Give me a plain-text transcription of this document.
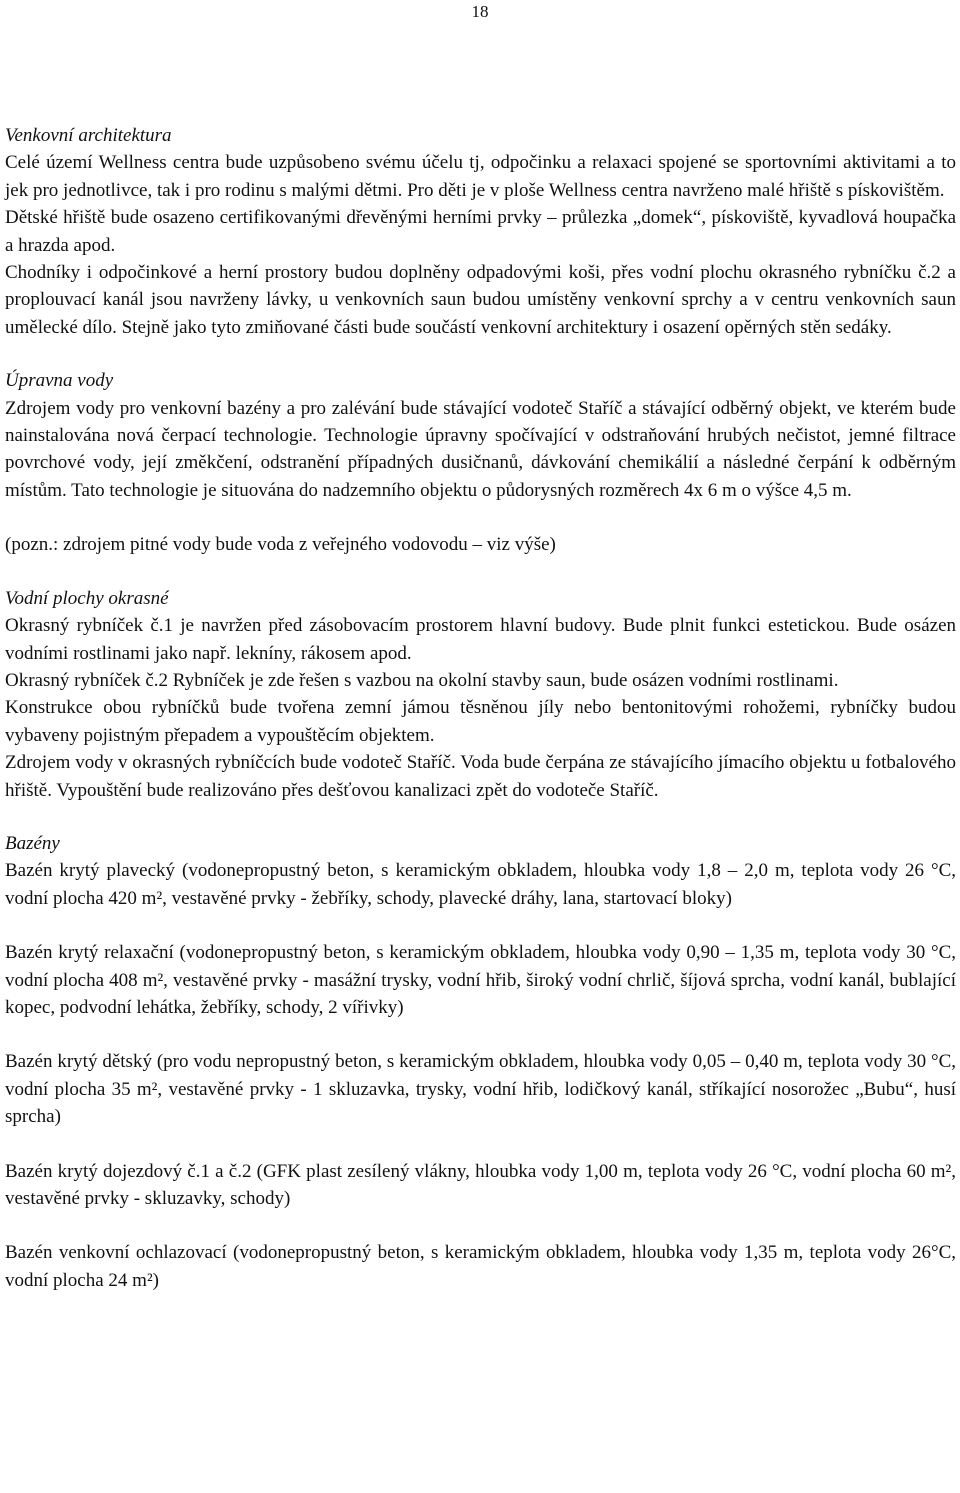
18
Venkovní architektura

Celé území Wellness centra bude uzpůsobeno svému účelu tj, odpočinku a relaxaci spojené se sportovními aktivitami a to jek pro jednotlivce, tak i pro rodinu s malými dětmi. Pro děti je v ploše Wellness centra navrženo malé hřiště s pískovištěm.

Dětské hřiště bude osazeno certifikovanými dřevěnými herními prvky – průlezka „domek“, pískoviště, kyvadlová houpačka a hrazda apod.

Chodníky i odpočinkové a herní prostory budou doplněny odpadovými koši, přes vodní plochu okrasného rybníčku č.2 a proplouvací kanál jsou navrženy lávky, u venkovních saun budou umístěny venkovní sprchy a v centru venkovních saun umělecké dílo. Stejně jako tyto zmiňované části bude součástí venkovní architektury i osazení opěrných stěn sedáky.

Úpravna vody

Zdrojem vody pro venkovní bazény a pro zalévání bude stávající vodoteč Staříč a stávající odběrný objekt, ve kterém bude nainstalována nová čerpací technologie. Technologie úpravny spočívající v odstraňování hrubých nečistot, jemné filtrace povrchové vody, její změkčení, odstranění případných dusičnanů, dávkování chemikálií a následné čerpání k odběrným místům. Tato technologie je situována do nadzemního objektu o půdorysných rozměrech 4x 6 m o výšce 4,5 m.

(pozn.: zdrojem pitné vody bude voda z veřejného vodovodu – viz výše)

Vodní plochy okrasné

Okrasný rybníček č.1 je navržen před zásobovacím prostorem hlavní budovy. Bude plnit funkci estetickou. Bude osázen vodními rostlinami jako např. lekníny, rákosem apod.

Okrasný rybníček č.2 Rybníček je zde řešen s vazbou na okolní stavby saun, bude osázen vodními rostlinami.

Konstrukce obou rybníčků bude tvořena zemní jámou těsněnou jíly nebo bentonitovými rohožemi, rybníčky budou vybaveny pojistným přepadem a vypouštěcím objektem.

Zdrojem vody v okrasných rybníčcích bude vodoteč Staříč. Voda bude čerpána ze stávajícího jímacího objektu u fotbalového hřiště. Vypouštění bude realizováno přes dešťovou kanalizaci zpět do vodoteče Staříč.

Bazény

Bazén krytý plavecký (vodonepropustný beton, s keramickým obkladem, hloubka vody 1,8 – 2,0 m, teplota vody 26 °C, vodní plocha 420 m², vestavěné prvky - žebříky, schody, plavecké dráhy, lana, startovací bloky)

Bazén krytý relaxační (vodonepropustný beton, s keramickým obkladem, hloubka vody 0,90 – 1,35 m, teplota vody 30 °C, vodní plocha 408 m², vestavěné prvky - masážní trysky, vodní hřib, široký vodní chrlič, šíjová sprcha, vodní kanál, bublající kopec, podvodní lehátka, žebříky, schody, 2 vířivky)

Bazén krytý dětský (pro vodu nepropustný beton, s keramickým obkladem, hloubka vody 0,05 – 0,40 m, teplota vody 30 °C, vodní plocha 35 m², vestavěné prvky - 1 skluzavka, trysky, vodní hřib, lodičkový kanál, stříkající nosorožec „Bubu“, husí sprcha)

Bazén krytý dojezdový č.1 a č.2 (GFK plast zesílený vlákny, hloubka vody 1,00 m, teplota vody 26 °C, vodní plocha 60 m², vestavěné prvky - skluzavky, schody)

Bazén venkovní ochlazovací (vodonepropustný beton, s keramickým obkladem, hloubka vody 1,35 m, teplota vody 26°C, vodní plocha 24 m²)
